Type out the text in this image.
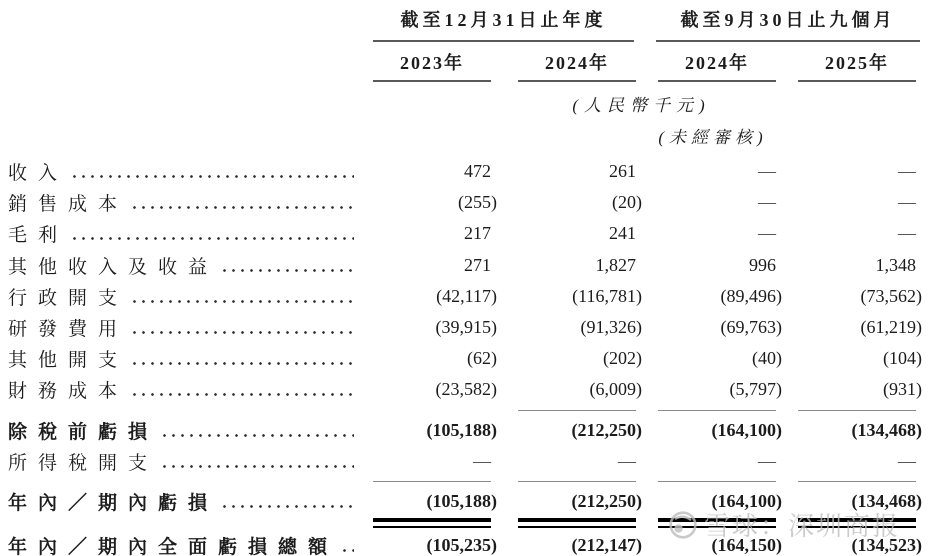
截至12月31日止年度	截至9月30日止九個月
2023年	2024年	2024年	2025年
(人民幣千元)
(未經審核)
收入	472	261	—	—
銷售成本	(255)	(20)	—	—
毛利	217	241	—	—
其他收入及收益	271	1,827	996	1,348
行政開支	(42,117)	(116,781)	(89,496)	(73,562)
研發費用	(39,915)	(91,326)	(69,763)	(61,219)
其他開支	(62)	(202)	(40)	(104)
財務成本	(23,582)	(6,009)	(5,797)	(931)
除稅前虧損	(105,188)	(212,250)	(164,100)	(134,468)
所得稅開支	—	—	—	—
年內／期內虧損	(105,188)	(212,250)	(164,100)	(134,468)
年內／期內全面虧損總額	(105,235)	(212,147)	(164,150)	(134,523)
雪球：深圳商报
